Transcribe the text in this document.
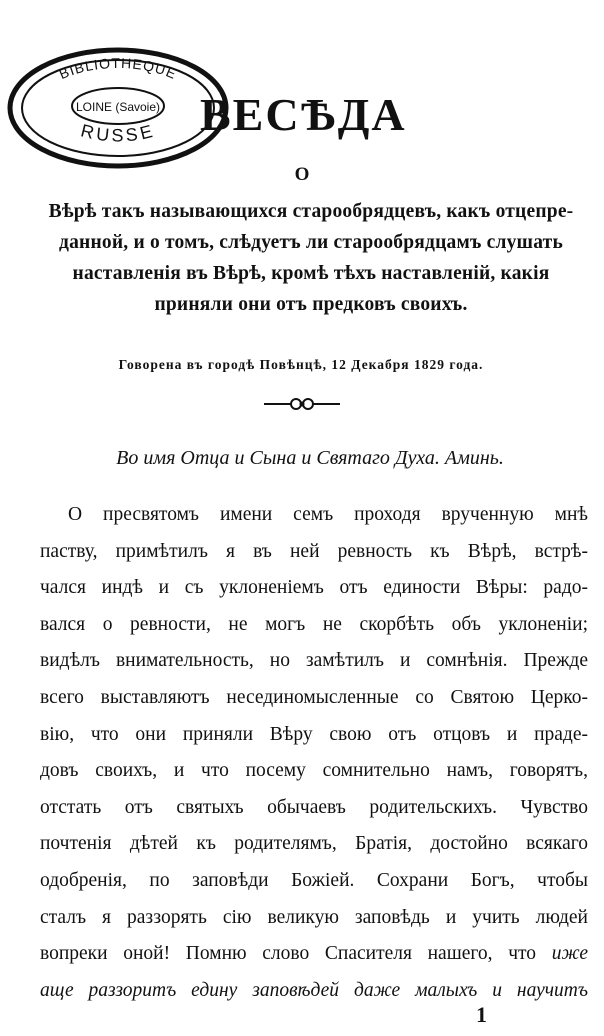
BIBLIOTHEQUE
RUSSE
LOINE (Savoie) ВЕСѢДА
О
Вѣрѣ такъ называющихся старообрядцевъ, какъ отцепре-
данной, и о томъ, слѣдуетъ ли старообрядцамъ слушать
наставленія въ Вѣрѣ, кромѣ тѣхъ наставленій, какія
приняли они отъ предковъ своихъ.
Говорена въ городѣ Повѣнцѣ, 12 Декабря 1829 года.
Во имя Отца и Сына и Святаго Духа. Аминь.
О пресвятомъ имени семъ проходя врученную мнѣ
паству, примѣтилъ я въ ней ревность къ Вѣрѣ, встрѣ-
чался индѣ и съ уклоненіемъ отъ единости Вѣры: радо-
вался о ревности, не могъ не скорбѣть объ уклоненіи;
видѣлъ внимательность, но замѣтилъ и сомнѣнія. Прежде
всего выставляютъ несединомысленные со Святою Церко-
вію, что они приняли Вѣру свою отъ отцовъ и праде-
довъ своихъ, и что посему сомнительно намъ, говорятъ,
отстать отъ святыхъ обычаевъ родительскихъ. Чувство
почтенія дѣтей къ родителямъ, Братія, достойно всякаго
одобренія, по заповѣди Божіей. Сохрани Богъ, чтобы
сталъ я раззорять сію великую заповѣдь и учить людей
вопреки оной! Помню слово Спасителя нашего, что иже
аще раззоритъ едину заповѣдей даже малыхъ и научитъ
1
